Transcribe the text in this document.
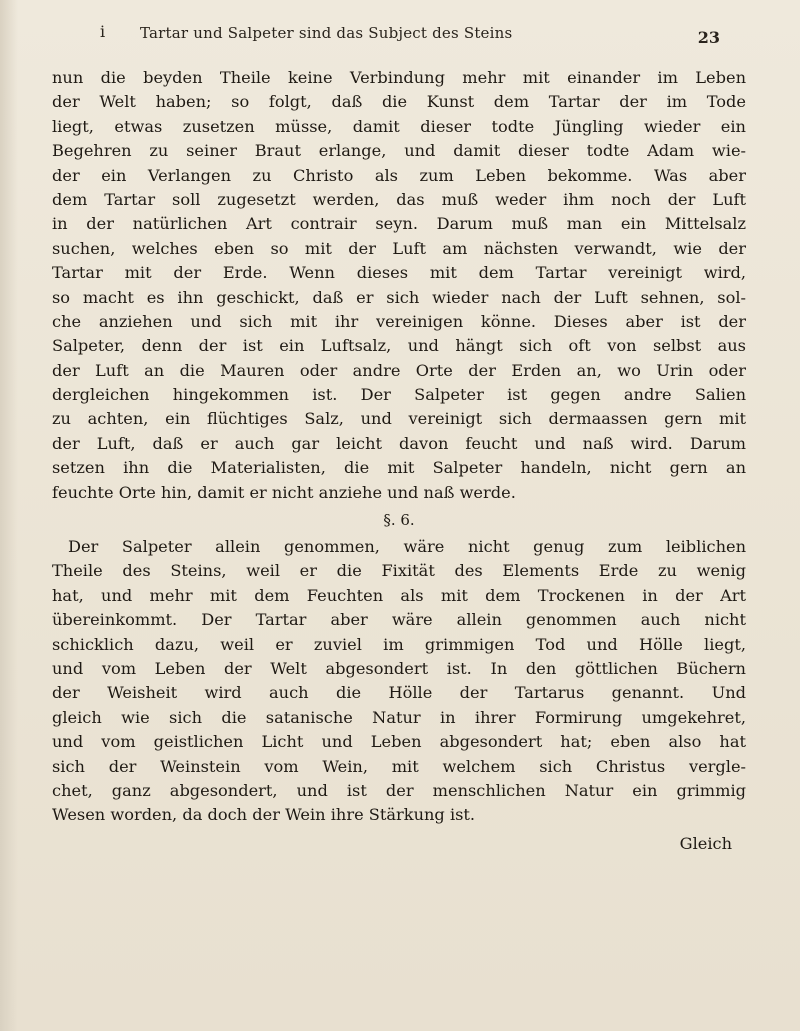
i Tartar und Salpeter sind das Subject des Steins	23
nun die beyden Theile keine Verbindung mehr mit einander im Leben
der Welt haben; so folgt, daß die Kunst dem Tartar der im Tode
liegt, etwas zusetzen müsse, damit dieser todte Jüngling wieder ein
Begehren zu seiner Braut erlange, und damit dieser todte Adam wie-
der ein Verlangen zu Christo als zum Leben bekomme. Was aber
dem Tartar soll zugesetzt werden, das muß weder ihm noch der Luft
in der natürlichen Art contrair seyn. Darum muß man ein Mittelsalz
suchen, welches eben so mit der Luft am nächsten verwandt, wie der
Tartar mit der Erde. Wenn dieses mit dem Tartar vereinigt wird,
so macht es ihn geschickt, daß er sich wieder nach der Luft sehnen, sol-
che anziehen und sich mit ihr vereinigen könne. Dieses aber ist der
Salpeter, denn der ist ein Luftsalz, und hängt sich oft von selbst aus
der Luft an die Mauren oder andre Orte der Erden an, wo Urin oder
dergleichen hingekommen ist. Der Salpeter ist gegen andre Salien
zu achten, ein flüchtiges Salz, und vereinigt sich dermaassen gern mit
der Luft, daß er auch gar leicht davon feucht und naß wird. Darum
setzen ihn die Materialisten, die mit Salpeter handeln, nicht gern an
feuchte Orte hin, damit er nicht anziehe und naß werde.
§. 6.
Der Salpeter allein genommen, wäre nicht genug zum leiblichen
Theile des Steins, weil er die Fixität des Elements Erde zu wenig
hat, und mehr mit dem Feuchten als mit dem Trockenen in der Art
übereinkommt. Der Tartar aber wäre allein genommen auch nicht
schicklich dazu, weil er zuviel im grimmigen Tod und Hölle liegt,
und vom Leben der Welt abgesondert ist. In den göttlichen Büchern
der Weisheit wird auch die Hölle der Tartarus genannt. Und
gleich wie sich die satanische Natur in ihrer Formirung umgekehret,
und vom geistlichen Licht und Leben abgesondert hat; eben also hat
sich der Weinstein vom Wein, mit welchem sich Christus vergle-
chet, ganz abgesondert, und ist der menschlichen Natur ein grimmig
Wesen worden, da doch der Wein ihre Stärkung ist.
Gleich
